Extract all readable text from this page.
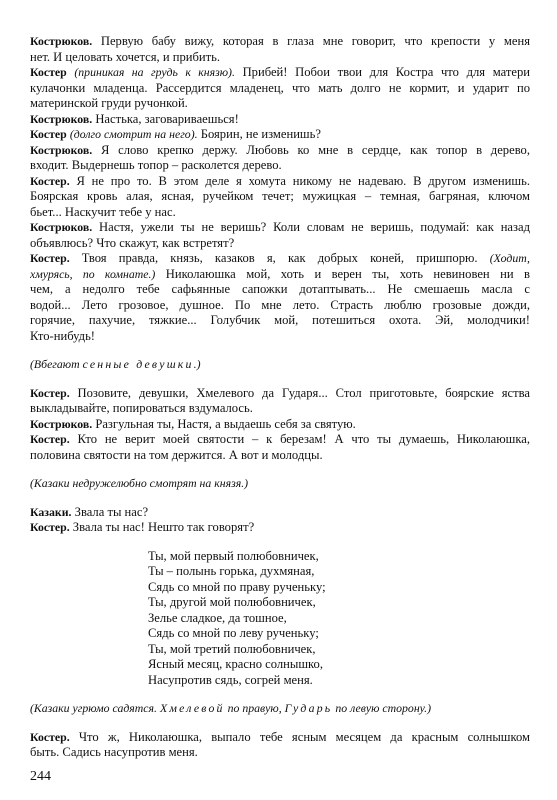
Кострюков. Первую бабу вижу, которая в глаза мне говорит, что крепости у меня
нет. И целовать хочется, и прибить.
Костер (приникая на грудь к князю). Прибей! Побои твои для Костра что для матери
кулачонки младенца. Рассердится младенец, что мать долго не кормит, и ударит по
материнской груди ручонкой.
Кострюков. Настька, заговариваешься!
Костер (долго смотрит на него). Боярин, не изменишь?
Кострюков. Я слово крепко держу. Любовь ко мне в сердце, как топор в дерево,
входит. Выдернешь топор – расколется дерево.
Костер. Я не про то. В этом деле я хомута никому не надеваю. В другом изменишь.
Боярская кровь алая, ясная, ручейком течет; мужицкая – темная, багряная, ключом
бьет... Наскучит тебе у нас.
Кострюков. Настя, ужели ты не веришь? Коли словам не веришь, подумай: как назад
объявлюсь? Что скажут, как встретят?
Костер. Твоя правда, князь, казаков я, как добрых коней, пришпорю. (Ходит,
хмурясь, по комнате.) Николаюшка мой, хоть и верен ты, хоть невиновен ни в
чем, а недолго тебе сафьянные сапожки дотаптывать... Не смешаешь масла с
водой... Лето грозовое, душное. По мне лето. Страсть люблю грозовые дожди,
горячие, пахучие, тяжкие... Голубчик мой, потешиться охота. Эй, молодчики!
Кто-нибудь!
(Вбегают сенные девушки.)
Костер. Позовите, девушки, Хмелевого да Гударя... Стол приготовьте, боярские яства
выкладывайте, попироваться вздумалось.
Кострюков. Разгульная ты, Настя, а выдаешь себя за святую.
Костер. Кто не верит моей святости – к березам! А что ты думаешь, Николаюшка,
половина святости на том держится. А вот и молодцы.
(Казаки недружелюбно смотрят на князя.)
Казаки. Звала ты нас?
Костер. Звала ты нас! Нешто так говорят?
Ты, мой первый полюбовничек,
Ты – полынь горька, духмяная,
Сядь со мной по праву рученьку;
Ты, другой мой полюбовничек,
Зелье сладкое, да тошное,
Сядь со мной по леву рученьку;
Ты, мой третий полюбовничек,
Ясный месяц, красно солнышко,
Насупротив сядь, согрей меня.
(Казаки угрюмо садятся. Хмелевой по правую, Гударь по левую сторону.)
Костер. Что ж, Николаюшка, выпало тебе ясным месяцем да красным солнышком
быть. Садись насупротив меня.
244
